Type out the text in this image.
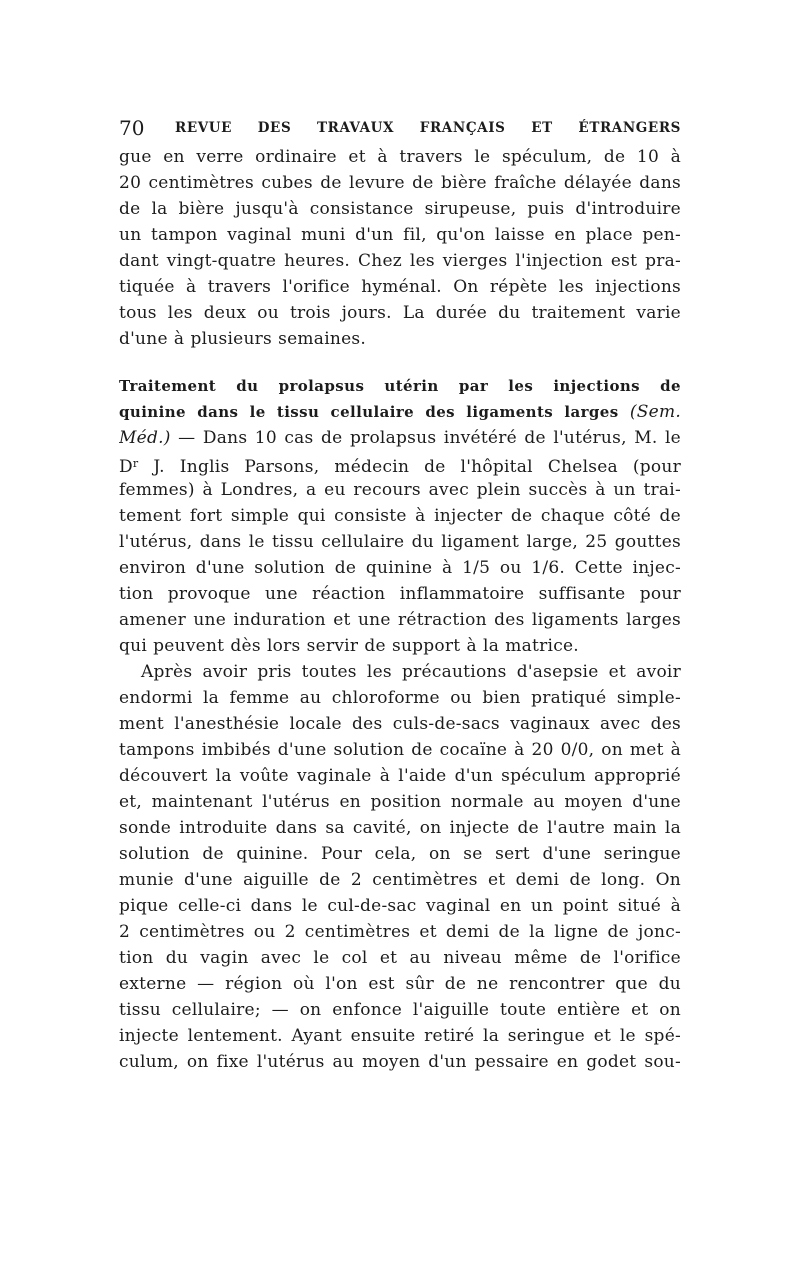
70 REVUE DES TRAVAUX FRANÇAIS ET ÉTRANGERS
gue en verre ordinaire et à travers le spéculum, de 10 à
20 centimètres cubes de levure de bière fraîche délayée dans
de la bière jusqu'à consistance sirupeuse, puis d'introduire
un tampon vaginal muni d'un fil, qu'on laisse en place pen-
dant vingt-quatre heures. Chez les vierges l'injection est pra-
tiquée à travers l'orifice hyménal. On répète les injections
tous les deux ou trois jours. La durée du traitement varie
d'une à plusieurs semaines.
Traitement du prolapsus utérin par les injections de
quinine dans le tissu cellulaire des ligaments larges (Sem.
Méd.) — Dans 10 cas de prolapsus invétéré de l'utérus, M. le
$D^r$ J. Inglis Parsons, médecin de l'hôpital Chelsea (pour
femmes) à Londres, a eu recours avec plein succès à un trai-
tement fort simple qui consiste à injecter de chaque côté de
l'utérus, dans le tissu cellulaire du ligament large, 25 gouttes
environ d'une solution de quinine à 1/5 ou 1/6. Cette injec-
tion provoque une réaction inflammatoire suffisante pour
amener une induration et une rétraction des ligaments larges
qui peuvent dès lors servir de support à la matrice.
Après avoir pris toutes les précautions d'asepsie et avoir
endormi la femme au chloroforme ou bien pratiqué simple-
ment l'anesthésie locale des culs-de-sacs vaginaux avec des
tampons imbibés d'une solution de cocaïne à 20 0/0, on met à
découvert la voûte vaginale à l'aide d'un spéculum approprié
et, maintenant l'utérus en position normale au moyen d'une
sonde introduite dans sa cavité, on injecte de l'autre main la
solution de quinine. Pour cela, on se sert d'une seringue
munie d'une aiguille de 2 centimètres et demi de long. On
pique celle-ci dans le cul-de-sac vaginal en un point situé à
2 centimètres ou 2 centimètres et demi de la ligne de jonc-
tion du vagin avec le col et au niveau même de l'orifice
externe — région où l'on est sûr de ne rencontrer que du
tissu cellulaire; — on enfonce l'aiguille toute entière et on
injecte lentement. Ayant ensuite retiré la seringue et le spé-
culum, on fixe l'utérus au moyen d'un pessaire en godet sou-
